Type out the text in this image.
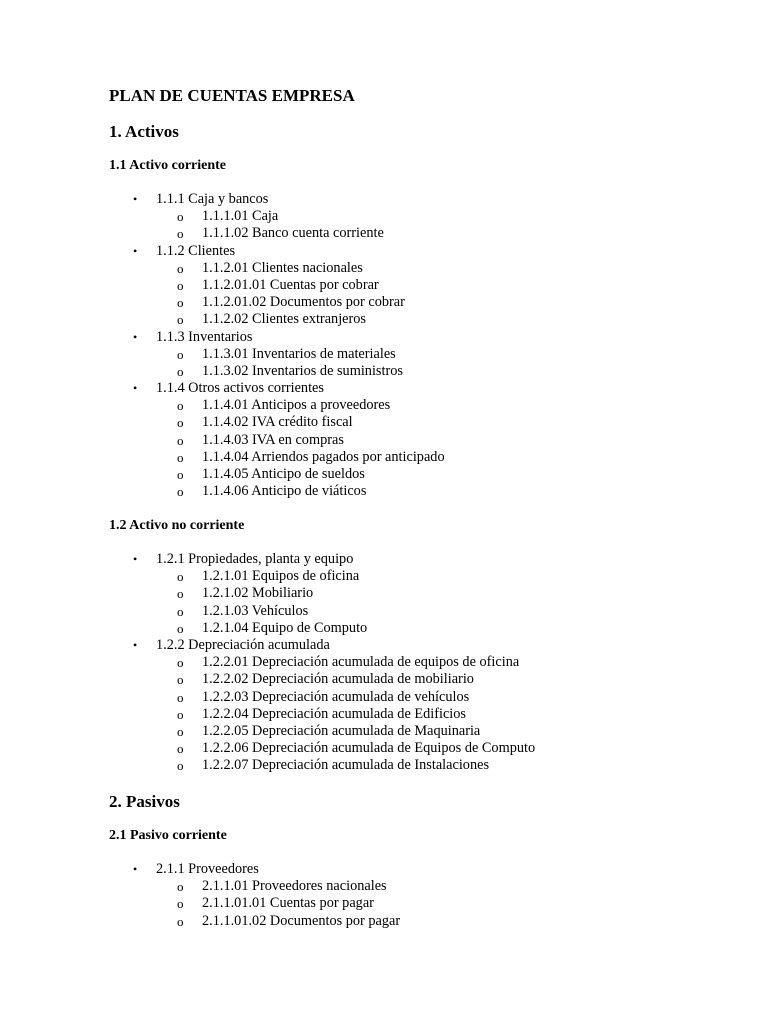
PLAN DE CUENTAS EMPRESA
1. Activos
1.1 Activo corriente
• 1.1.1 Caja y bancos
o 1.1.1.01 Caja
o 1.1.1.02 Banco cuenta corriente
• 1.1.2 Clientes
o 1.1.2.01 Clientes nacionales
o 1.1.2.01.01 Cuentas por cobrar
o 1.1.2.01.02 Documentos por cobrar
o 1.1.2.02 Clientes extranjeros
• 1.1.3 Inventarios
o 1.1.3.01 Inventarios de materiales
o 1.1.3.02 Inventarios de suministros
• 1.1.4 Otros activos corrientes
o 1.1.4.01 Anticipos a proveedores
o 1.1.4.02 IVA crédito fiscal
o 1.1.4.03 IVA en compras
o 1.1.4.04 Arriendos pagados por anticipado
o 1.1.4.05 Anticipo de sueldos
o 1.1.4.06 Anticipo de viáticos
1.2 Activo no corriente
• 1.2.1 Propiedades, planta y equipo
o 1.2.1.01 Equipos de oficina
o 1.2.1.02 Mobiliario
o 1.2.1.03 Vehículos
o 1.2.1.04 Equipo de Computo
• 1.2.2 Depreciación acumulada
o 1.2.2.01 Depreciación acumulada de equipos de oficina
o 1.2.2.02 Depreciación acumulada de mobiliario
o 1.2.2.03 Depreciación acumulada de vehículos
o 1.2.2.04 Depreciación acumulada de Edificios
o 1.2.2.05 Depreciación acumulada de Maquinaria
o 1.2.2.06 Depreciación acumulada de Equipos de Computo
o 1.2.2.07 Depreciación acumulada de Instalaciones
2. Pasivos
2.1 Pasivo corriente
• 2.1.1 Proveedores
o 2.1.1.01 Proveedores nacionales
o 2.1.1.01.01 Cuentas por pagar
o 2.1.1.01.02 Documentos por pagar
